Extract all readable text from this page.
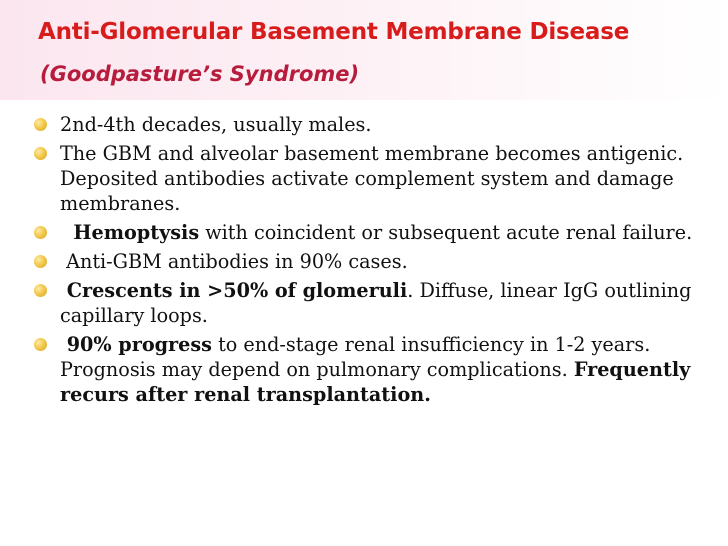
Anti-Glomerular Basement Membrane Disease
(Goodpasture’s Syndrome)
2nd-4th decades, usually males.
The GBM and alveolar basement membrane becomes antigenic. Deposited antibodies activate complement system and damage membranes.
Hemoptysis with coincident or subsequent acute renal failure.
Anti-GBM antibodies in 90% cases.
Crescents in >50% of glomeruli. Diffuse, linear IgG outlining capillary loops.
90% progress to end-stage renal insufficiency in 1-2 years. Prognosis may depend on pulmonary complications. Frequently recurs after renal transplantation.
